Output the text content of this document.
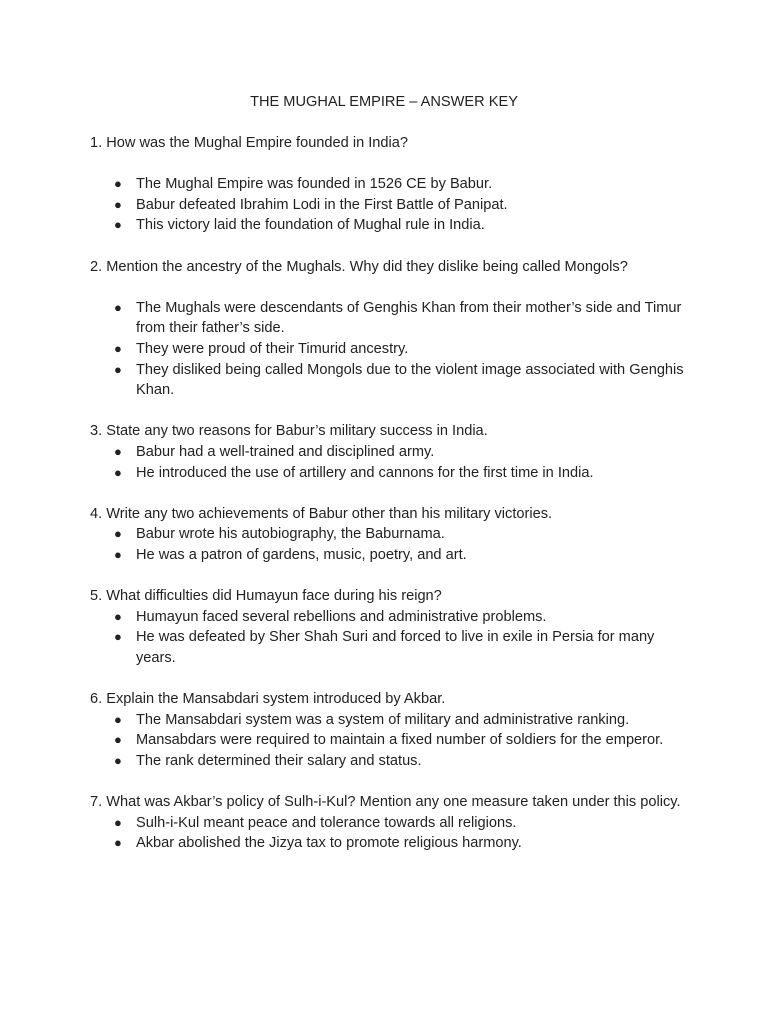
THE MUGHAL EMPIRE – ANSWER KEY

1. How was the Mughal Empire founded in India?

● The Mughal Empire was founded in 1526 CE by Babur.
● Babur defeated Ibrahim Lodi in the First Battle of Panipat.
● This victory laid the foundation of Mughal rule in India.

2. Mention the ancestry of the Mughals. Why did they dislike being called Mongols?

● The Mughals were descendants of Genghis Khan from their mother’s side and Timur from their father’s side.
● They were proud of their Timurid ancestry.
● They disliked being called Mongols due to the violent image associated with Genghis Khan.

3. State any two reasons for Babur’s military success in India.

● Babur had a well-trained and disciplined army.
● He introduced the use of artillery and cannons for the first time in India.

4. Write any two achievements of Babur other than his military victories.

● Babur wrote his autobiography, the Baburnama.
● He was a patron of gardens, music, poetry, and art.

5. What difficulties did Humayun face during his reign?

● Humayun faced several rebellions and administrative problems.
● He was defeated by Sher Shah Suri and forced to live in exile in Persia for many years.

6. Explain the Mansabdari system introduced by Akbar.

● The Mansabdari system was a system of military and administrative ranking.
● Mansabdars were required to maintain a fixed number of soldiers for the emperor.
● The rank determined their salary and status.

7. What was Akbar’s policy of Sulh-i-Kul? Mention any one measure taken under this policy.

● Sulh-i-Kul meant peace and tolerance towards all religions.
● Akbar abolished the Jizya tax to promote religious harmony.
